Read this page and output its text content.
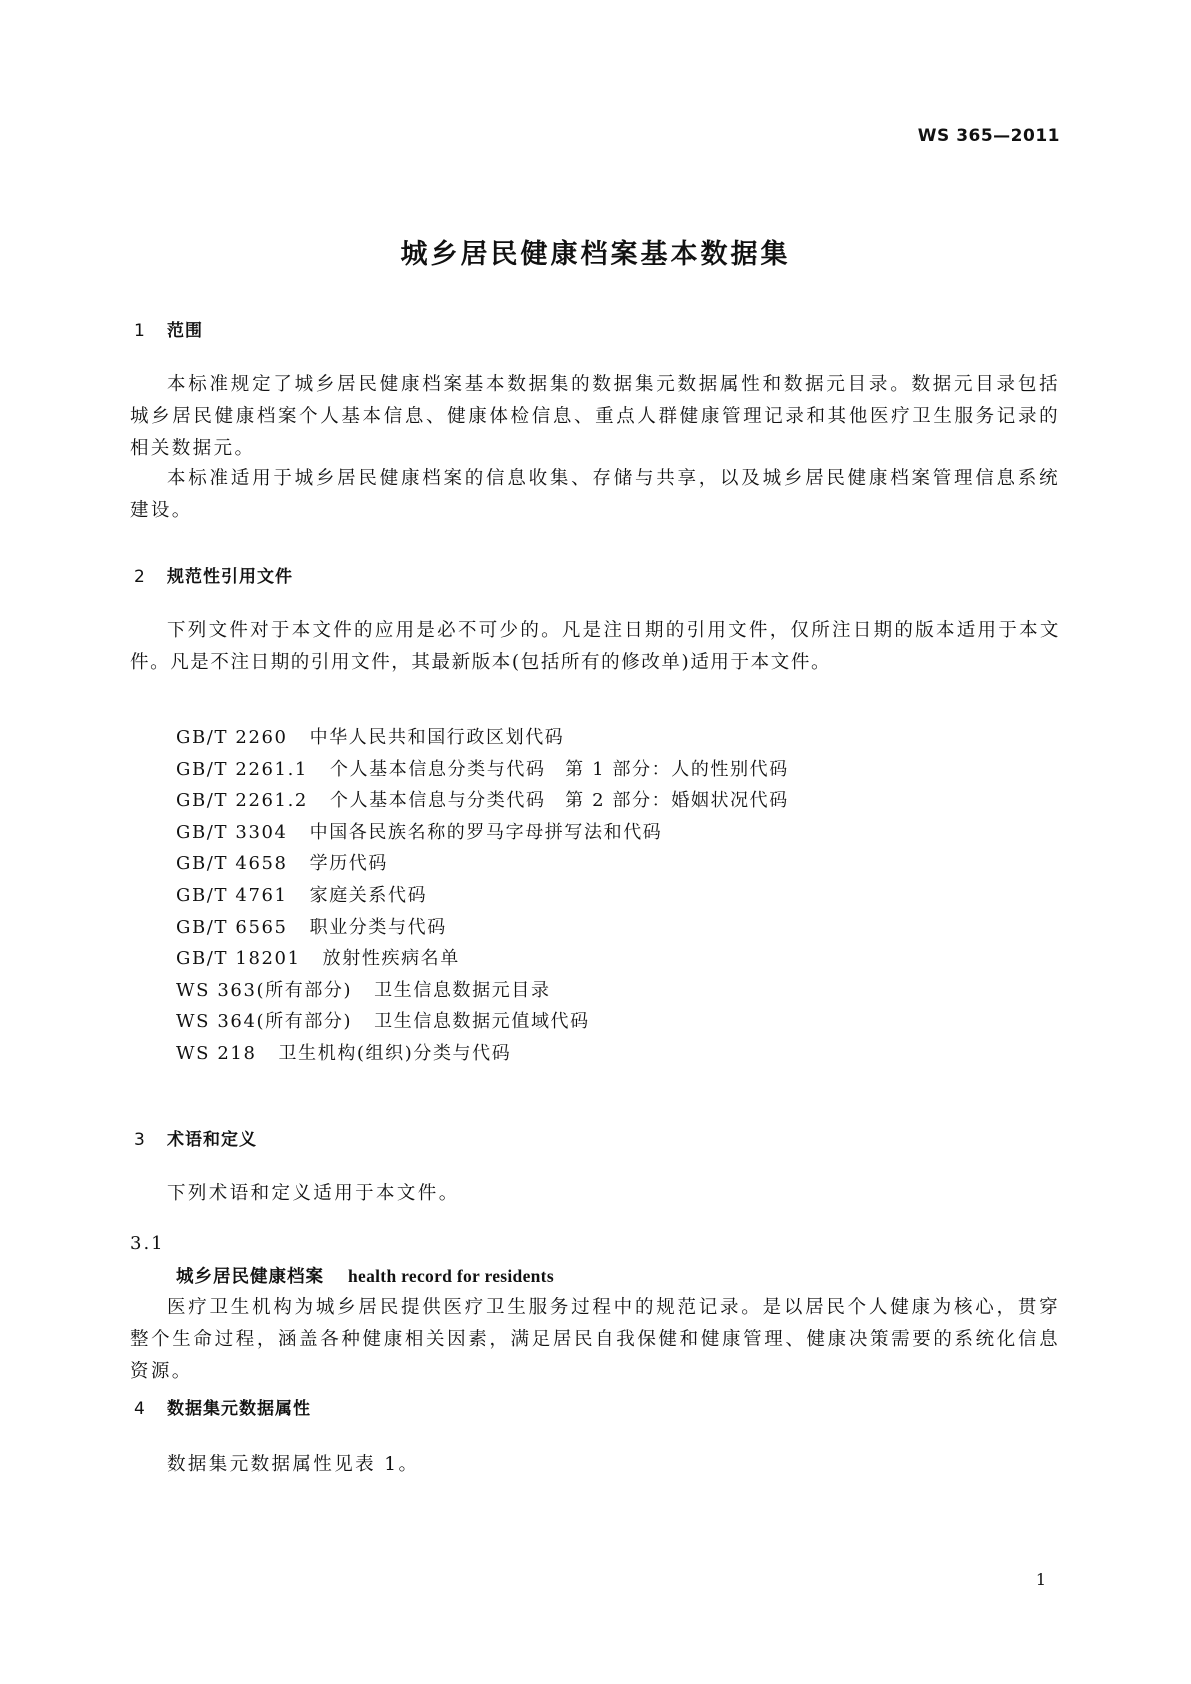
WS 365—2011
城乡居民健康档案基本数据集
1 范围
本标准规定了城乡居民健康档案基本数据集的数据集元数据属性和数据元目录。数据元目录包括城乡居民健康档案个人基本信息、健康体检信息、重点人群健康管理记录和其他医疗卫生服务记录的相关数据元。
本标准适用于城乡居民健康档案的信息收集、存储与共享，以及城乡居民健康档案管理信息系统建设。
2 规范性引用文件
下列文件对于本文件的应用是必不可少的。凡是注日期的引用文件，仅所注日期的版本适用于本文件。凡是不注日期的引用文件，其最新版本(包括所有的修改单)适用于本文件。
GB/T 2260 中华人民共和国行政区划代码
GB/T 2261.1 个人基本信息分类与代码　第 1 部分：人的性别代码
GB/T 2261.2 个人基本信息与分类代码　第 2 部分：婚姻状况代码
GB/T 3304 中国各民族名称的罗马字母拼写法和代码
GB/T 4658 学历代码
GB/T 4761 家庭关系代码
GB/T 6565 职业分类与代码
GB/T 18201 放射性疾病名单
WS 363(所有部分) 卫生信息数据元目录
WS 364(所有部分) 卫生信息数据元值域代码
WS 218 卫生机构(组织)分类与代码
3 术语和定义
下列术语和定义适用于本文件。
3.1
城乡居民健康档案 health record for residents
医疗卫生机构为城乡居民提供医疗卫生服务过程中的规范记录。是以居民个人健康为核心，贯穿整个生命过程，涵盖各种健康相关因素，满足居民自我保健和健康管理、健康决策需要的系统化信息资源。
4 数据集元数据属性
数据集元数据属性见表 1。
1
